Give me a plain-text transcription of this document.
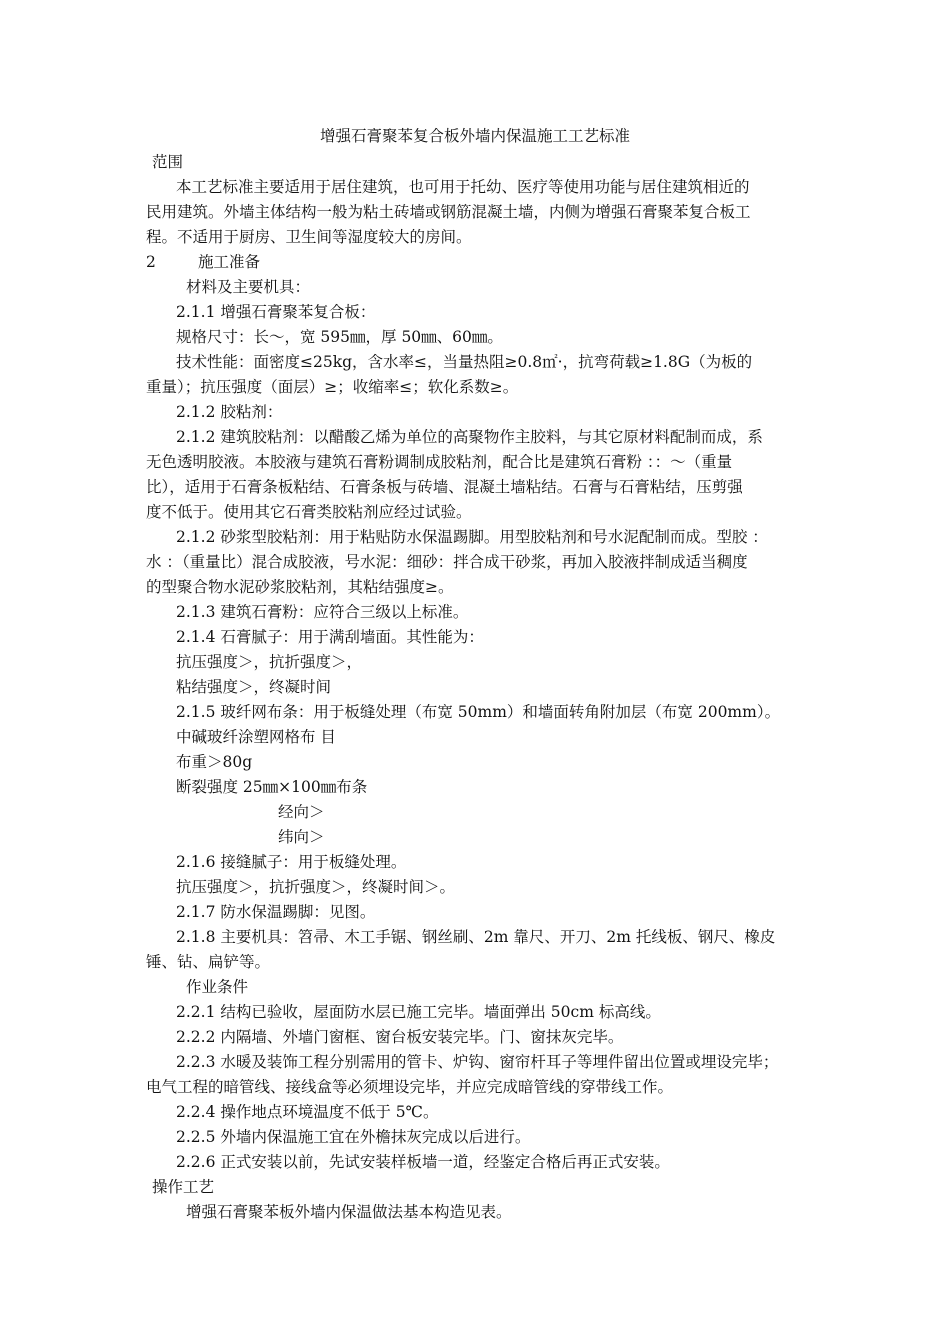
增强石膏聚苯复合板外墙内保温施工工艺标准
范围
本工艺标准主要适用于居住建筑，也可用于托幼、医疗等使用功能与居住建筑相近的
民用建筑。外墙主体结构一般为粘土砖墙或钢筋混凝土墙，内侧为增强石膏聚苯复合板工
程。不适用于厨房、卫生间等湿度较大的房间。
2	施工准备
材料及主要机具：
2.1.1 增强石膏聚苯复合板：
规格尺寸：长～，宽 595㎜，厚 50㎜、60㎜。
技术性能：面密度≤25kg，含水率≤，当量热阻≥0.8㎡·，抗弯荷载≥1.8G（为板的
重量）；抗压强度（面层）≥；收缩率≤；软化系数≥。
2.1.2 胶粘剂：
2.1.2 建筑胶粘剂：以醋酸乙烯为单位的高聚物作主胶料，与其它原材料配制而成，系
无色透明胶液。本胶液与建筑石膏粉调制成胶粘剂，配合比是建筑石膏粉 ：：～（重量
比），适用于石膏条板粘结、石膏条板与砖墙、混凝土墙粘结。石膏与石膏粘结，压剪强
度不低于。使用其它石膏类胶粘剂应经过试验。
2.1.2 砂浆型胶粘剂：用于粘贴防水保温踢脚。用型胶粘剂和号水泥配制而成。型胶 ：
水 ：（重量比）混合成胶液，号水泥：细砂：拌合成干砂浆，再加入胶液拌制成适当稠度
的型聚合物水泥砂浆胶粘剂，其粘结强度≥。
2.1.3 建筑石膏粉：应符合三级以上标准。
2.1.4 石膏腻子：用于满刮墙面。其性能为：
抗压强度＞，抗折强度＞，
粘结强度＞，终凝时间
2.1.5 玻纤网布条：用于板缝处理（布宽 50mm）和墙面转角附加层（布宽 200mm）。
中碱玻纤涂塑网格布 目
布重＞80g
断裂强度 25㎜×100㎜布条
经向＞
纬向＞
2.1.6 接缝腻子：用于板缝处理。
抗压强度＞，抗折强度＞，终凝时间＞。
2.1.7 防水保温踢脚：见图。
2.1.8 主要机具：笤帚、木工手锯、钢丝刷、2m 靠尺、开刀、2m 托线板、钢尺、橡皮
锤、钻、扁铲等。
作业条件
2.2.1 结构已验收，屋面防水层已施工完毕。墙面弹出 50cm 标高线。
2.2.2 内隔墙、外墙门窗框、窗台板安装完毕。门、窗抹灰完毕。
2.2.3 水暖及装饰工程分别需用的管卡、炉钩、窗帘杆耳子等埋件留出位置或埋设完毕；
电气工程的暗管线、接线盒等必须埋设完毕，并应完成暗管线的穿带线工作。
2.2.4 操作地点环境温度不低于 5℃。
2.2.5 外墙内保温施工宜在外檐抹灰完成以后进行。
2.2.6 正式安装以前，先试安装样板墙一道，经鉴定合格后再正式安装。
操作工艺
增强石膏聚苯板外墙内保温做法基本构造见表。
